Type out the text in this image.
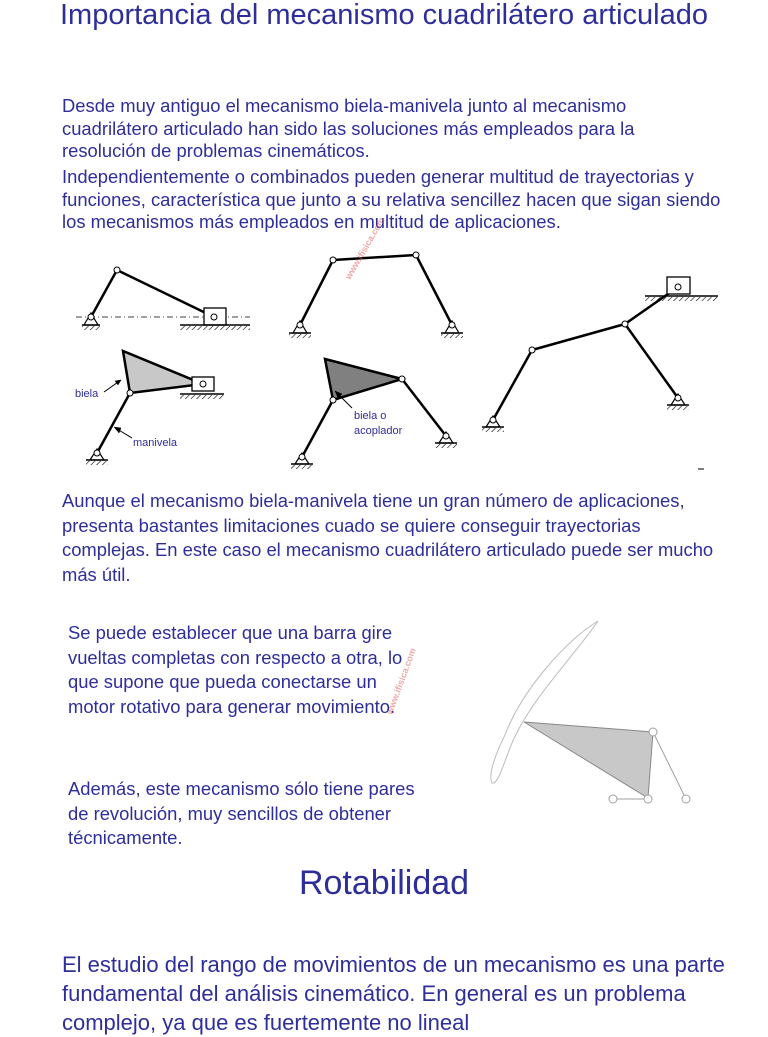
Importancia del mecanismo cuadrilátero articulado

Desde muy antiguo el mecanismo biela-manivela junto al mecanismo cuadrilátero articulado han sido las soluciones más empleados para la resolución de problemas cinemáticos.

Independientemente o combinados pueden generar multitud de trayectorias y funciones, característica que junto a su relativa sencillez hacen que sigan siendo los mecanismos más empleados en multitud de aplicaciones.

www.ifisica.com
biela
manivela
biela o
acoplador

Aunque el mecanismo biela-manivela tiene un gran número de aplicaciones, presenta bastantes limitaciones cuado se quiere conseguir trayectorias complejas. En este caso el mecanismo cuadrilátero articulado puede ser mucho más útil.

Se puede establecer que una barra gire vueltas completas con respecto a otra, lo que supone que pueda conectarse un motor rotativo para generar movimiento.

Además, este mecanismo sólo tiene pares de revolución, muy sencillos de obtener técnicamente.

www.ifisica.com
Rotabilidad

El estudio del rango de movimientos de un mecanismo es una parte fundamental del análisis cinemático. En general es un problema complejo, ya que es fuertemente no lineal
